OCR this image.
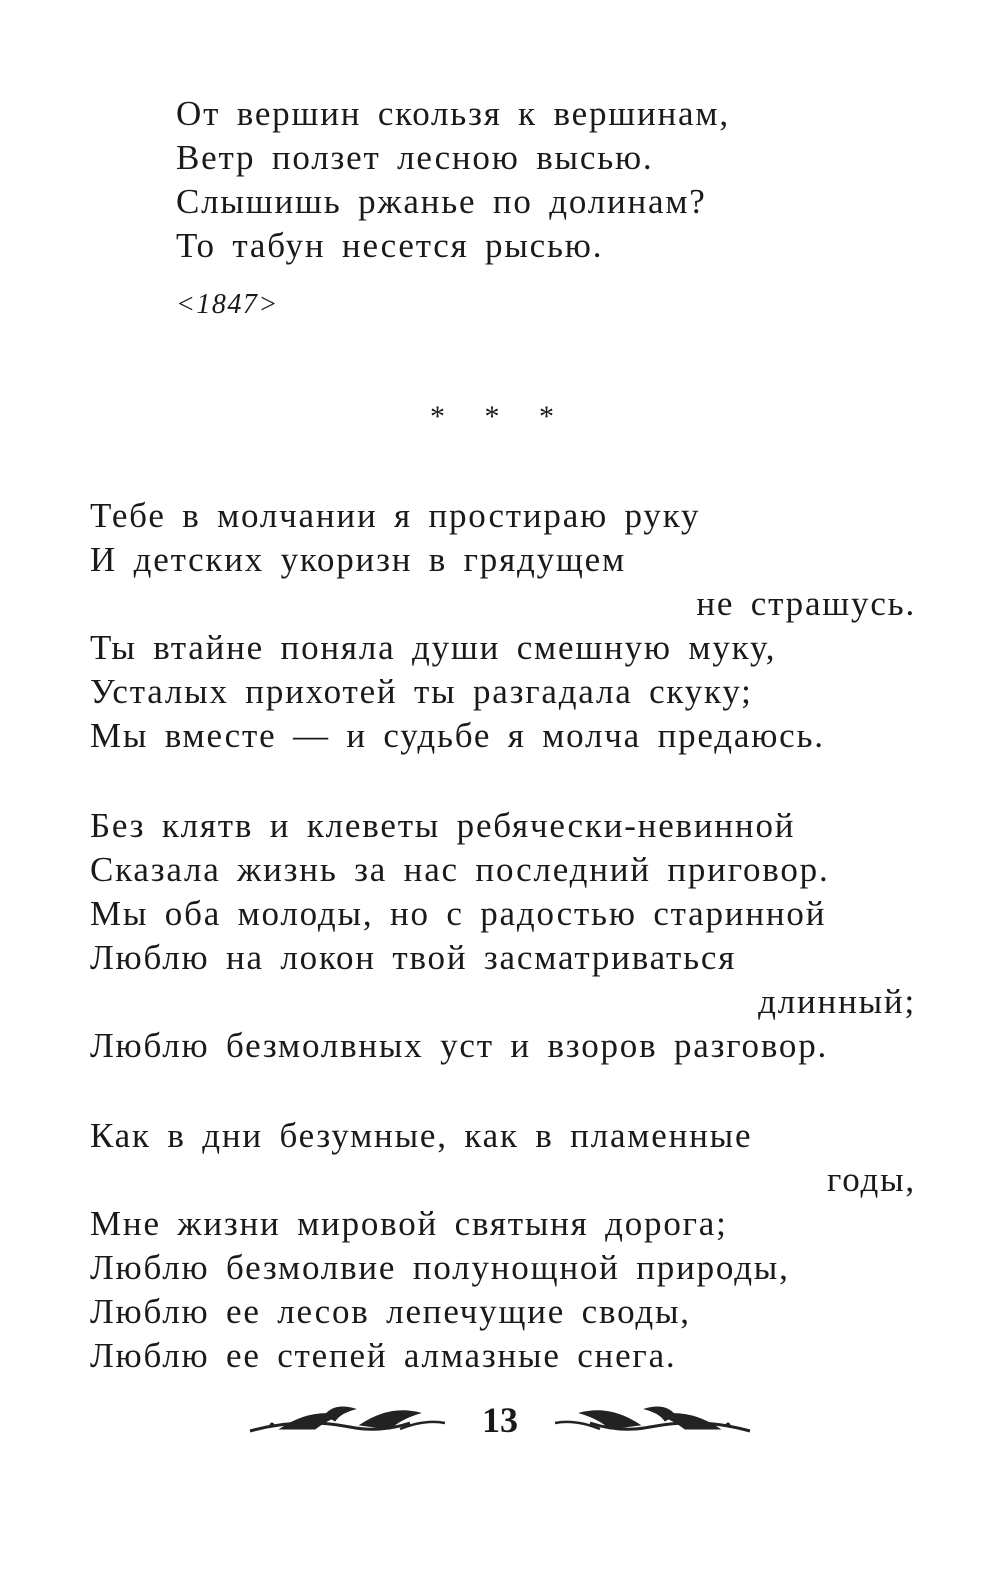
От вершин скользя к вершинам,
Ветр ползет лесною высью.
Слышишь ржанье по долинам?
То табун несется рысью.
<1847>
* * *
Тебе в молчании я простираю руку
И детских укоризн в грядущем
не страшусь.
Ты втайне поняла души смешную муку,
Усталых прихотей ты разгадала скуку;
Мы вместе — и судьбе я молча предаюсь.
Без клятв и клеветы ребячески-невинной
Сказала жизнь за нас последний приговор.
Мы оба молоды, но с радостью старинной
Люблю на локон твой засматриваться
длинный;
Люблю безмолвных уст и взоров разговор.
Как в дни безумные, как в пламенные
годы,
Мне жизни мировой святыня дорога;
Люблю безмолвие полунощной природы,
Люблю ее лесов лепечущие своды,
Люблю ее степей алмазные снега.
13
